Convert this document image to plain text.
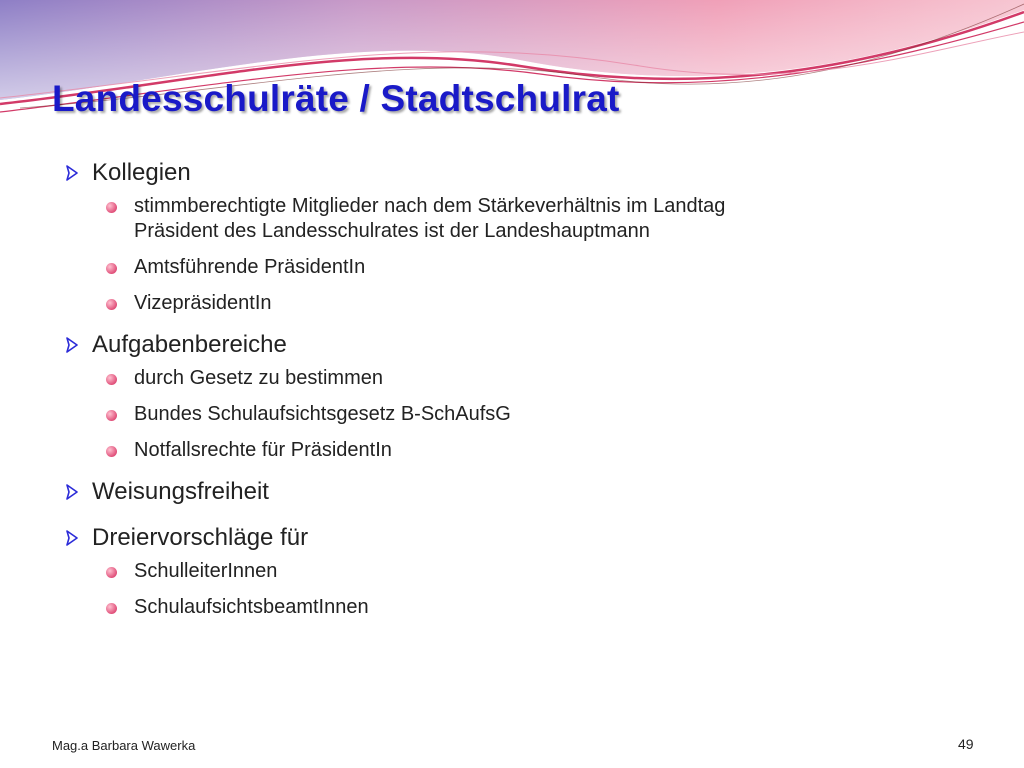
Landesschulräte / Stadtschulrat
Kollegien
stimmberechtigte Mitglieder nach dem Stärkeverhältnis im Landtag
Präsident des Landesschulrates ist der Landeshauptmann
Amtsführende PräsidentIn
VizepräsidentIn
Aufgabenbereiche
durch Gesetz zu bestimmen
Bundes Schulaufsichtsgesetz B-SchAufsG
Notfallsrechte für PräsidentIn
Weisungsfreiheit
Dreiervorschläge für
SchulleiterInnen
SchulaufsichtsbeamtInnen
Mag.a Barbara Wawerka	49
